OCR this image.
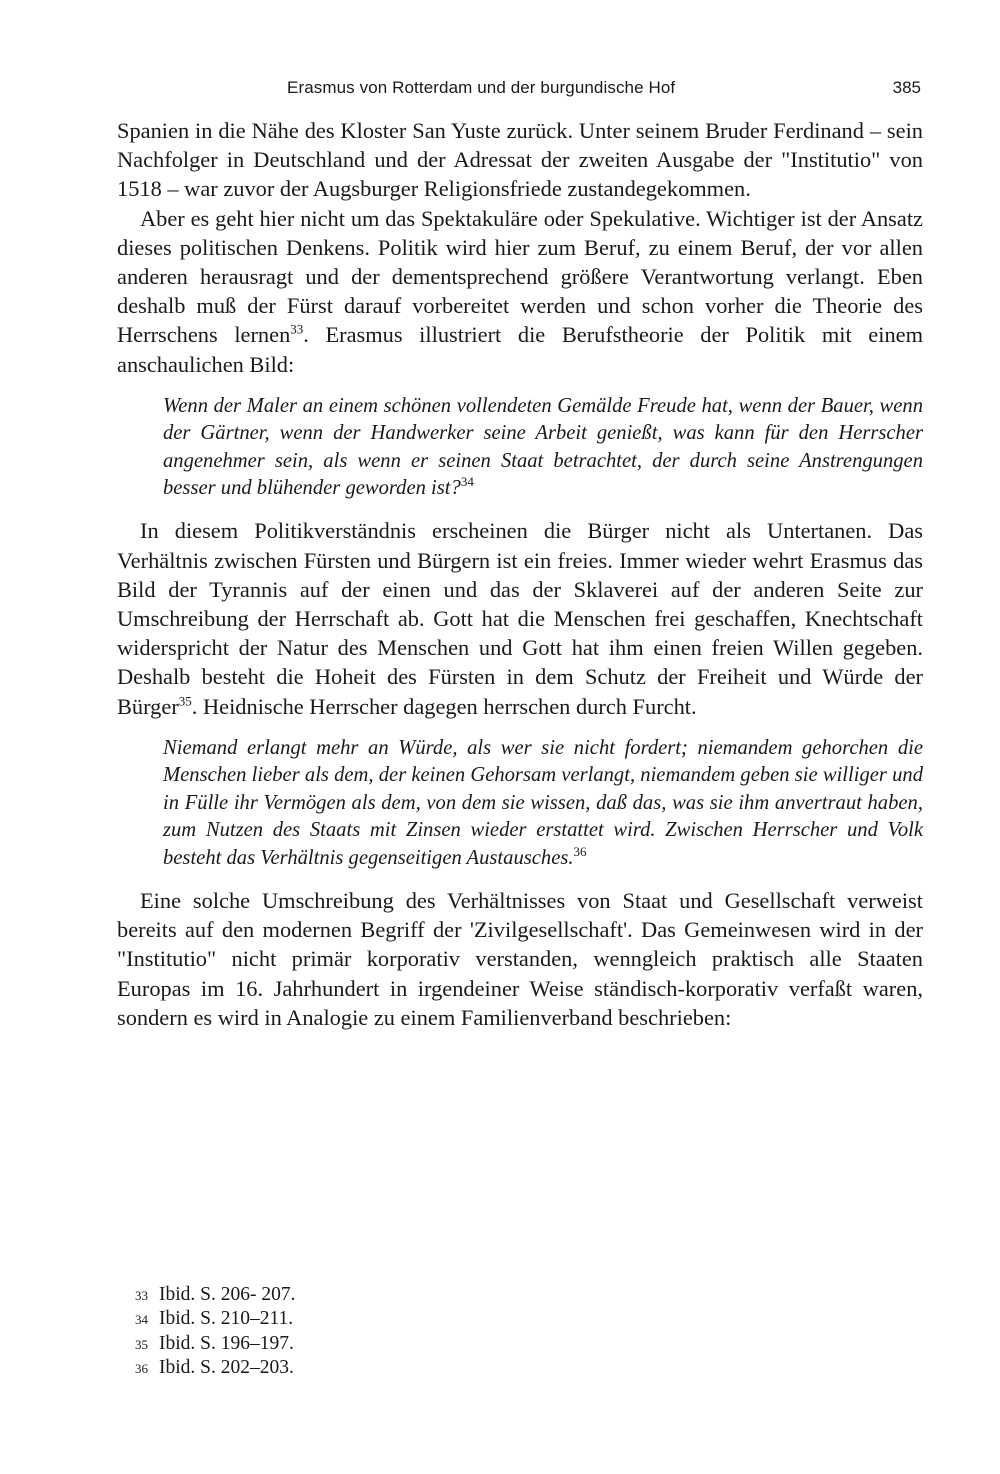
Erasmus von Rotterdam und der burgundische Hof	385

Spanien in die Nähe des Kloster San Yuste zurück. Unter seinem Bruder Ferdinand – sein Nachfolger in Deutschland und der Adressat der zweiten Ausgabe der "Institutio" von 1518 – war zuvor der Augsburger Religionsfriede zustandegekommen.

Aber es geht hier nicht um das Spektakuläre oder Spekulative. Wichtiger ist der Ansatz dieses politischen Denkens. Politik wird hier zum Beruf, zu einem Beruf, der vor allen anderen herausragt und der dementsprechend größere Verantwortung verlangt. Eben deshalb muß der Fürst darauf vorbereitet werden und schon vorher die Theorie des Herrschens lernen$^{33}$. Erasmus illustriert die Berufstheorie der Politik mit einem anschaulichen Bild:

Wenn der Maler an einem schönen vollendeten Gemälde Freude hat, wenn der Bauer, wenn der Gärtner, wenn der Handwerker seine Arbeit genießt, was kann für den Herrscher angenehmer sein, als wenn er seinen Staat betrachtet, der durch seine Anstrengungen besser und blühender geworden ist?$^{34}$

In diesem Politikverständnis erscheinen die Bürger nicht als Untertanen. Das Verhältnis zwischen Fürsten und Bürgern ist ein freies. Immer wieder wehrt Erasmus das Bild der Tyrannis auf der einen und das der Sklaverei auf der anderen Seite zur Umschreibung der Herrschaft ab. Gott hat die Menschen frei geschaffen, Knechtschaft widerspricht der Natur des Menschen und Gott hat ihm einen freien Willen gegeben. Deshalb besteht die Hoheit des Fürsten in dem Schutz der Freiheit und Würde der Bürger$^{35}$. Heidnische Herrscher dagegen herrschen durch Furcht.

Niemand erlangt mehr an Würde, als wer sie nicht fordert; niemandem gehorchen die Menschen lieber als dem, der keinen Gehorsam verlangt, niemandem geben sie williger und in Fülle ihr Vermögen als dem, von dem sie wissen, daß das, was sie ihm anvertraut haben, zum Nutzen des Staats mit Zinsen wieder erstattet wird. Zwischen Herrscher und Volk besteht das Verhältnis gegenseitigen Austausches.$^{36}$

Eine solche Umschreibung des Verhältnisses von Staat und Gesellschaft verweist bereits auf den modernen Begriff der 'Zivilgesellschaft'. Das Gemeinwesen wird in der "Institutio" nicht primär korporativ verstanden, wenngleich praktisch alle Staaten Europas im 16. Jahrhundert in irgendeiner Weise ständisch-korporativ verfaßt waren, sondern es wird in Analogie zu einem Familienverband beschrieben:

33 Ibid. S. 206- 207.
34 Ibid. S. 210–211.
35 Ibid. S. 196–197.
36 Ibid. S. 202–203.
